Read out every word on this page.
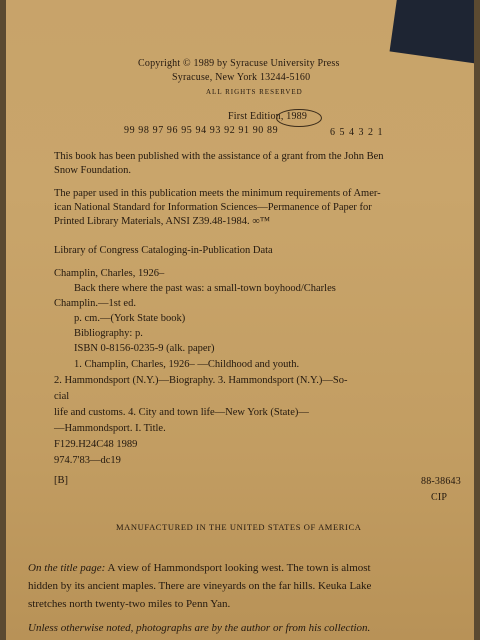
Copyright © 1989 by Syracuse University Press
Syracuse, New York 13244-5160
ALL RIGHTS RESERVED
First Edition, 1989
99 98 97 96 95 94 93 92 91 90 89	6 5 4 3 2 1
This book has been published with the assistance of a grant from the John Ben
Snow Foundation.
The paper used in this publication meets the minimum requirements of Amer-
ican National Standard for Information Sciences—Permanence of Paper for
Printed Library Materials, ANSI Z39.48-1984. ∞™
Library of Congress Cataloging-in-Publication Data
Champlin, Charles, 1926–
Back there where the past was: a small-town boyhood/Charles
Champlin.—1st ed.
p. cm.—(York State book)
Bibliography: p.
ISBN 0-8156-0235-9 (alk. paper)
1. Champlin, Charles, 1926– —Childhood and youth.
2. Hammondsport (N.Y.)—Biography. 3. Hammondsport (N.Y.)—So-
cial
life and customs. 4. City and town life—New York (State)—
—Hammondsport. I. Title.
F129.H24C48 1989
974.7'83—dc19
[B]	88-38643
CIP
MANUFACTURED IN THE UNITED STATES OF AMERICA
On the title page: A view of Hammondsport looking west. The town is almost
hidden by its ancient maples. There are vineyards on the far hills. Keuka Lake
stretches north twenty-two miles to Penn Yan.
Unless otherwise noted, photographs are by the author or from his collection.
